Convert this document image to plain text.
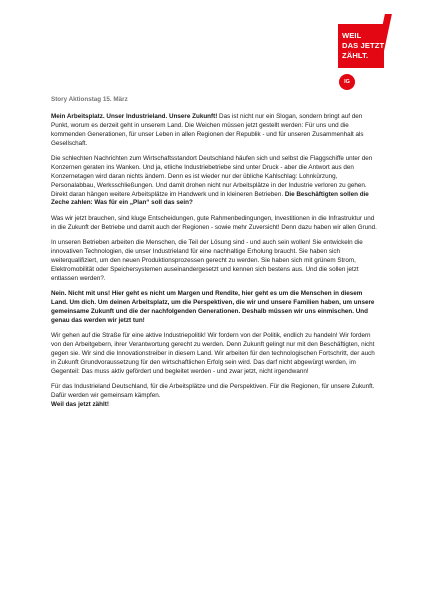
WEIL
DAS JETZT
ZÄHLT.
IG
Story Aktionstag 15. März

Mein Arbeitsplatz. Unser Industrieland. Unsere Zukunft! Das ist nicht nur ein Slogan, sondern bringt auf den Punkt, worum es derzeit geht in unserem Land. Die Weichen müssen jetzt gestellt werden: Für uns und die kommenden Generationen, für unser Leben in allen Regionen der Republik - und für unseren Zusammenhalt als Gesellschaft.

Die schlechten Nachrichten zum Wirtschaftsstandort Deutschland häufen sich und selbst die Flaggschiffe unter den Konzernen geraten ins Wanken. Und ja, etliche Industriebetriebe sind unter Druck - aber die Antwort aus den Konzernetagen wird daran nichts ändern. Denn es ist wieder nur der übliche Kahlschlag: Lohnkürzung, Personalabbau, Werksschließungen. Und damit drohen nicht nur Arbeitsplätze in der Industrie verloren zu gehen. Direkt daran hängen weitere Arbeitsplätze im Handwerk und in kleineren Betrieben. Die Beschäftigten sollen die Zeche zahlen: Was für ein „Plan“ soll das sein?

Was wir jetzt brauchen, sind kluge Entscheidungen, gute Rahmenbedingungen, Investitionen in die Infrastruktur und in die Zukunft der Betriebe und damit auch der Regionen - sowie mehr Zuversicht! Denn dazu haben wir allen Grund.

In unseren Betrieben arbeiten die Menschen, die Teil der Lösung sind - und auch sein wollen! Sie entwickeln die innovativen Technologien, die unser Industrieland für eine nachhaltige Erholung braucht. Sie haben sich weiterqualifiziert, um den neuen Produktionsprozessen gerecht zu werden. Sie haben sich mit grünem Strom, Elektromobilität oder Speichersystemen auseinandergesetzt und kennen sich bestens aus. Und die sollen jetzt entlassen werden?.

Nein. Nicht mit uns! Hier geht es nicht um Margen und Rendite, hier geht es um die Menschen in diesem Land. Um dich. Um deinen Arbeitsplatz, um die Perspektiven, die wir und unsere Familien haben, um unsere gemeinsame Zukunft und die der nachfolgenden Generationen. Deshalb müssen wir uns einmischen. Und genau das werden wir jetzt tun!

Wir gehen auf die Straße für eine aktive Industriepolitik! Wir fordern von der Politik, endlich zu handeln! Wir fordern von den Arbeitgebern, ihrer Verantwortung gerecht zu werden. Denn Zukunft gelingt nur mit den Beschäftigten, nicht gegen sie. Wir sind die Innovationstreiber in diesem Land. Wir arbeiten für den technologischen Fortschritt, der auch in Zukunft Grundvoraussetzung für den wirtschaftlichen Erfolg sein wird. Das darf nicht abgewürgt werden, im Gegenteil: Das muss aktiv gefördert und begleitet werden - und zwar jetzt, nicht irgendwann!

Für das Industrieland Deutschland, für die Arbeitsplätze und die Perspektiven. Für die Regionen, für unsere Zukunft. Dafür werden wir gemeinsam kämpfen.
Weil das jetzt zählt!
